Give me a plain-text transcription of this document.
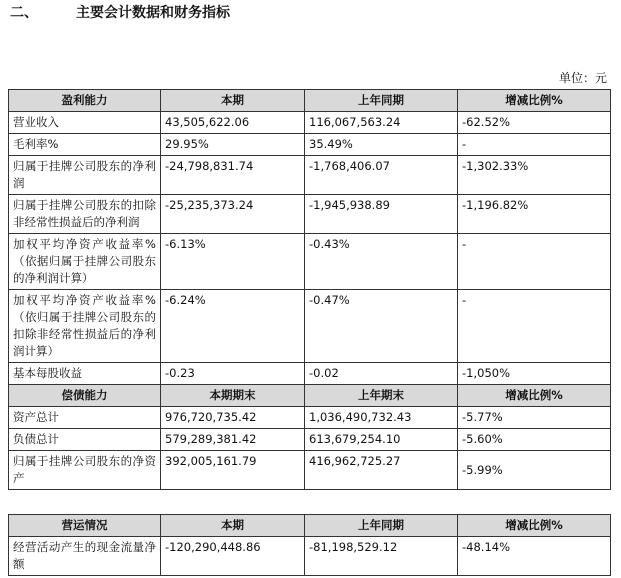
二、	主要会计数据和财务指标
单位：元
盈利能力	本期	上年同期	增减比例%
营业收入	43,505,622.06	116,067,563.24	-62.52%
毛利率%	29.95%	35.49%	-
归属于挂牌公司股东的净利润	-24,798,831.74	-1,768,406.07	-1,302.33%
归属于挂牌公司股东的扣除非经常性损益后的净利润	-25,235,373.24	-1,945,938.89	-1,196.82%
加权平均净资产收益率%（依据归属于挂牌公司股东的净利润计算）	-6.13%	-0.43%	-
加权平均净资产收益率%（依归属于挂牌公司股东的扣除非经常性损益后的净利润计算）	-6.24%	-0.47%	-
基本每股收益	-0.23	-0.02	-1,050%
偿债能力	本期期末	上年期末	增减比例%
资产总计	976,720,735.42	1,036,490,732.43	-5.77%
负债总计	579,289,381.42	613,679,254.10	-5.60%
归属于挂牌公司股东的净资产	392,005,161.79	416,962,725.27	-5.99%
营运情况	本期	上年同期	增减比例%
经营活动产生的现金流量净额	-120,290,448.86	-81,198,529.12	-48.14%
